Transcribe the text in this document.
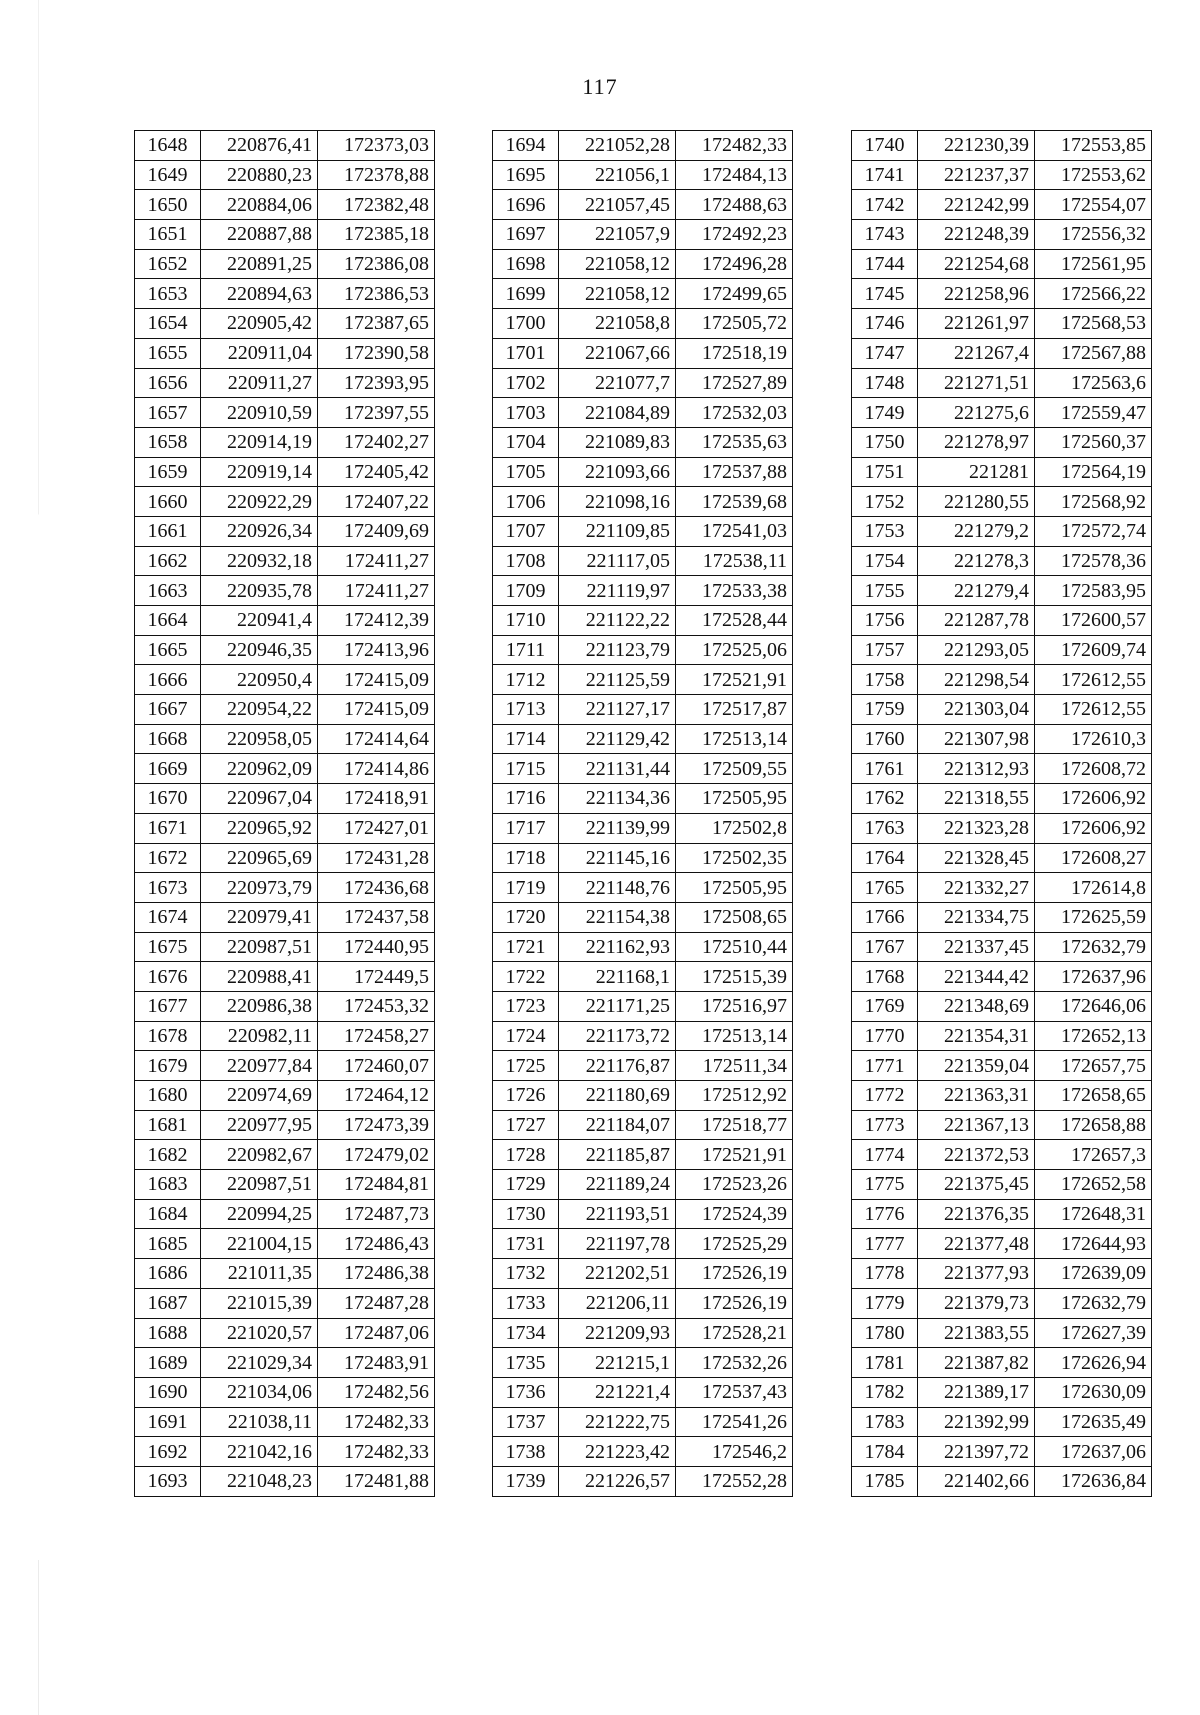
117
1648	220876,41	172373,03
1649	220880,23	172378,88
1650	220884,06	172382,48
1651	220887,88	172385,18
1652	220891,25	172386,08
1653	220894,63	172386,53
1654	220905,42	172387,65
1655	220911,04	172390,58
1656	220911,27	172393,95
1657	220910,59	172397,55
1658	220914,19	172402,27
1659	220919,14	172405,42
1660	220922,29	172407,22
1661	220926,34	172409,69
1662	220932,18	172411,27
1663	220935,78	172411,27
1664	220941,4	172412,39
1665	220946,35	172413,96
1666	220950,4	172415,09
1667	220954,22	172415,09
1668	220958,05	172414,64
1669	220962,09	172414,86
1670	220967,04	172418,91
1671	220965,92	172427,01
1672	220965,69	172431,28
1673	220973,79	172436,68
1674	220979,41	172437,58
1675	220987,51	172440,95
1676	220988,41	172449,5
1677	220986,38	172453,32
1678	220982,11	172458,27
1679	220977,84	172460,07
1680	220974,69	172464,12
1681	220977,95	172473,39
1682	220982,67	172479,02
1683	220987,51	172484,81
1684	220994,25	172487,73
1685	221004,15	172486,43
1686	221011,35	172486,38
1687	221015,39	172487,28
1688	221020,57	172487,06
1689	221029,34	172483,91
1690	221034,06	172482,56
1691	221038,11	172482,33
1692	221042,16	172482,33
1693	221048,23	172481,88
1694	221052,28	172482,33
1695	221056,1	172484,13
1696	221057,45	172488,63
1697	221057,9	172492,23
1698	221058,12	172496,28
1699	221058,12	172499,65
1700	221058,8	172505,72
1701	221067,66	172518,19
1702	221077,7	172527,89
1703	221084,89	172532,03
1704	221089,83	172535,63
1705	221093,66	172537,88
1706	221098,16	172539,68
1707	221109,85	172541,03
1708	221117,05	172538,11
1709	221119,97	172533,38
1710	221122,22	172528,44
1711	221123,79	172525,06
1712	221125,59	172521,91
1713	221127,17	172517,87
1714	221129,42	172513,14
1715	221131,44	172509,55
1716	221134,36	172505,95
1717	221139,99	172502,8
1718	221145,16	172502,35
1719	221148,76	172505,95
1720	221154,38	172508,65
1721	221162,93	172510,44
1722	221168,1	172515,39
1723	221171,25	172516,97
1724	221173,72	172513,14
1725	221176,87	172511,34
1726	221180,69	172512,92
1727	221184,07	172518,77
1728	221185,87	172521,91
1729	221189,24	172523,26
1730	221193,51	172524,39
1731	221197,78	172525,29
1732	221202,51	172526,19
1733	221206,11	172526,19
1734	221209,93	172528,21
1735	221215,1	172532,26
1736	221221,4	172537,43
1737	221222,75	172541,26
1738	221223,42	172546,2
1739	221226,57	172552,28
1740	221230,39	172553,85
1741	221237,37	172553,62
1742	221242,99	172554,07
1743	221248,39	172556,32
1744	221254,68	172561,95
1745	221258,96	172566,22
1746	221261,97	172568,53
1747	221267,4	172567,88
1748	221271,51	172563,6
1749	221275,6	172559,47
1750	221278,97	172560,37
1751	221281	172564,19
1752	221280,55	172568,92
1753	221279,2	172572,74
1754	221278,3	172578,36
1755	221279,4	172583,95
1756	221287,78	172600,57
1757	221293,05	172609,74
1758	221298,54	172612,55
1759	221303,04	172612,55
1760	221307,98	172610,3
1761	221312,93	172608,72
1762	221318,55	172606,92
1763	221323,28	172606,92
1764	221328,45	172608,27
1765	221332,27	172614,8
1766	221334,75	172625,59
1767	221337,45	172632,79
1768	221344,42	172637,96
1769	221348,69	172646,06
1770	221354,31	172652,13
1771	221359,04	172657,75
1772	221363,31	172658,65
1773	221367,13	172658,88
1774	221372,53	172657,3
1775	221375,45	172652,58
1776	221376,35	172648,31
1777	221377,48	172644,93
1778	221377,93	172639,09
1779	221379,73	172632,79
1780	221383,55	172627,39
1781	221387,82	172626,94
1782	221389,17	172630,09
1783	221392,99	172635,49
1784	221397,72	172637,06
1785	221402,66	172636,84
